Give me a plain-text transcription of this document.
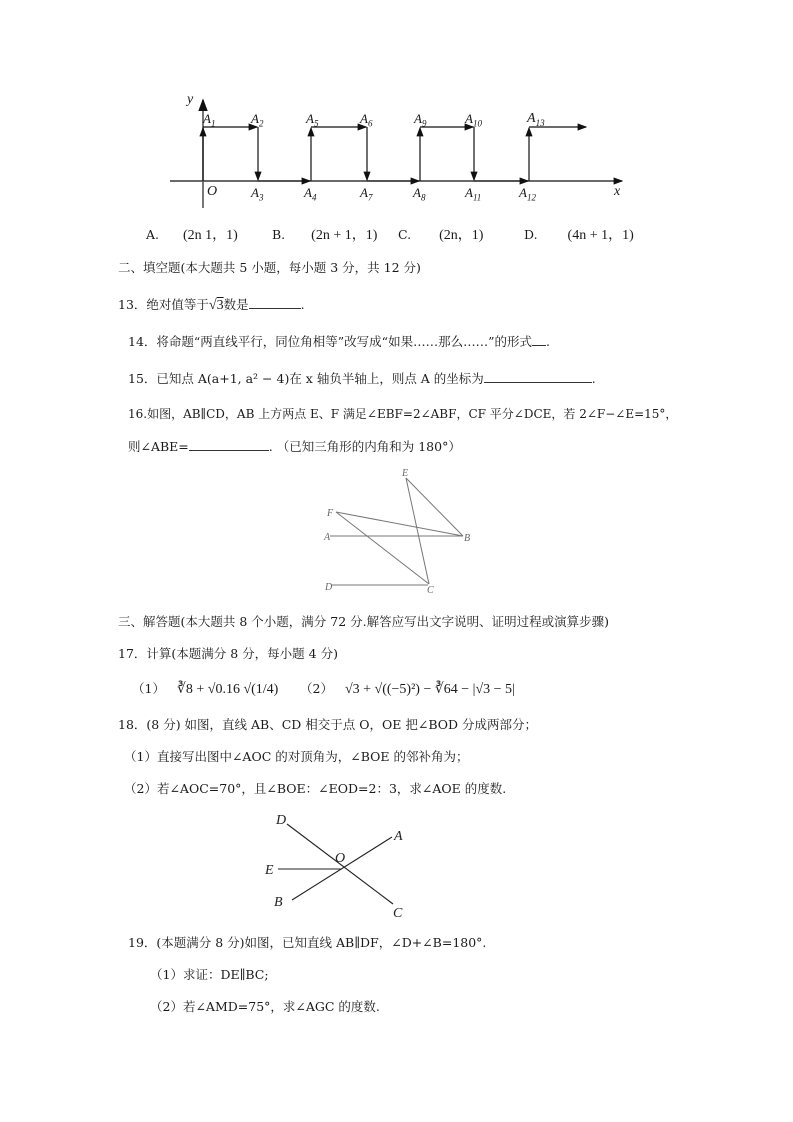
y
x
O
$A_1$	$A_2$	$A_5$	$A_6$	$A_9$	$A_{10}$	$A_{13}$
$A_3$	$A_4$	$A_7$	$A_8$	$A_{11}$	$A_{12}$
A. (2n 1，1)	B. (2n + 1，1) C. (2n，1)	D. (4n + 1，1)
二、填空题(本大题共 5 小题，每小题 3 分，共 12 分)
13．绝对值等于√3数是	.
14．将命题“两直线平行，同位角相等”改写成“如果……那么……”的形式 .
15．已知点 A(a+1, a² − 4)在 x 轴负半轴上，则点 A 的坐标为	.
16.如图，AB∥CD，AB 上方两点 E、F 满足∠EBF=2∠ABF，CF 平分∠DCE，若 2∠F−∠E=15°，
则∠ABE=	. （已知三角形的内角和为 180°）
E
F
A	B
D	C
三、解答题(本大题共 8 个小题，满分 72 分.解答应写出文字说明、证明过程或演算步骤)
17．计算(本题满分 8 分，每小题 4 分)
（1） ∛8 + √0.16 √(1/4) （2） √3 + √((−5)²) − ∛64 − |√3 − 5|
18．(8 分) 如图，直线 AB、CD 相交于点 O，OE 把∠BOD 分成两部分；
（1）直接写出图中∠AOC 的对顶角为，∠BOE 的邻补角为；
（2）若∠AOC=70°，且∠BOE：∠EOD=2：3，求∠AOE 的度数.
D
A
O
E
B
C
19．(本题满分 8 分)如图，已知直线 AB∥DF，∠D+∠B=180°.
（1）求证：DE∥BC;
（2）若∠AMD=75°，求∠AGC 的度数.
